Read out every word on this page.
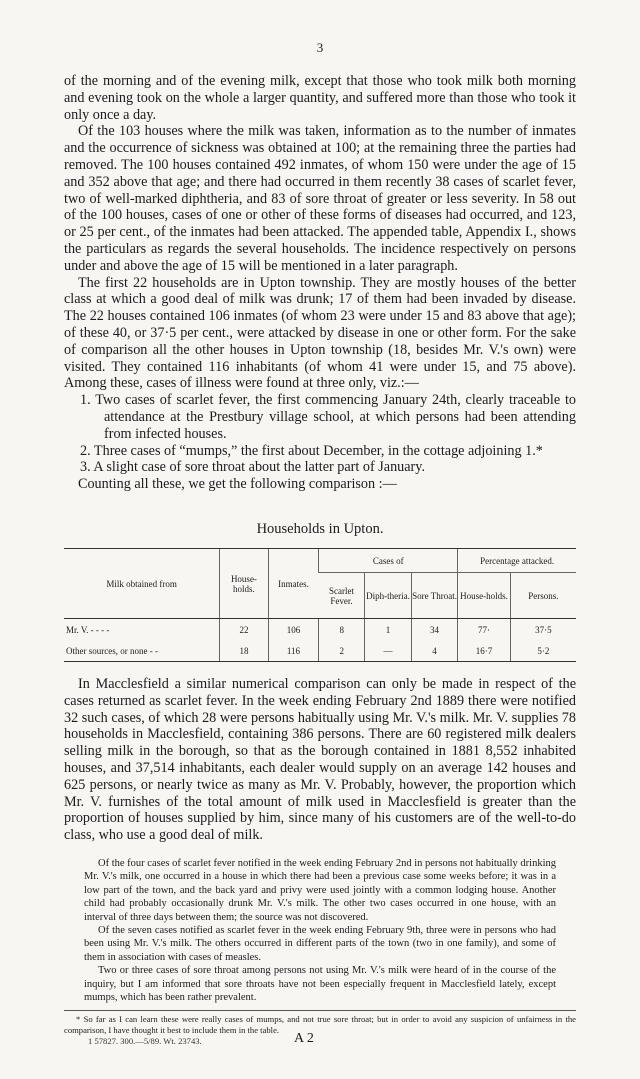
3

of the morning and of the evening milk, except that those who took milk both morning and evening took on the whole a larger quantity, and suffered more than those who took it only once a day.

Of the 103 houses where the milk was taken, information as to the number of inmates and the occurrence of sickness was obtained at 100; at the remaining three the parties had removed. The 100 houses contained 492 inmates, of whom 150 were under the age of 15 and 352 above that age; and there had occurred in them recently 38 cases of scarlet fever, two of well-marked diphtheria, and 83 of sore throat of greater or less severity. In 58 out of the 100 houses, cases of one or other of these forms of diseases had occurred, and 123, or 25 per cent., of the inmates had been attacked. The appended table, Appendix I., shows the particulars as regards the several households. The incidence respectively on persons under and above the age of 15 will be mentioned in a later paragraph.

The first 22 households are in Upton township. They are mostly houses of the better class at which a good deal of milk was drunk; 17 of them had been invaded by disease. The 22 houses contained 106 inmates (of whom 23 were under 15 and 83 above that age); of these 40, or 37·5 per cent., were attacked by disease in one or other form. For the sake of comparison all the other houses in Upton township (18, besides Mr. V.'s own) were visited. They contained 116 inhabitants (of whom 41 were under 15, and 75 above). Among these, cases of illness were found at three only, viz.:—

1. Two cases of scarlet fever, the first commencing January 24th, clearly traceable to attendance at the Prestbury village school, at which persons had been attending from infected houses.
2. Three cases of “mumps,” the first about December, in the cottage adjoining 1.*
3. A slight case of sore throat about the latter part of January.

Counting all these, we get the following comparison :—

Households in Upton.
Milk obtained from	House-holds.	Inmates.	Cases of			Percentage attacked.	
			Scarlet Fever.	Diph-theria.	Sore Throat.	House-holds.	Persons.
Mr. V. - - - -	22	106	8	1	34	77·	37·5
Other sources, or none - -	18	116	2	—	4	16·7	5·2

In Macclesfield a similar numerical comparison can only be made in respect of the cases returned as scarlet fever. In the week ending February 2nd 1889 there were notified 32 such cases, of which 28 were persons habitually using Mr. V.'s milk. Mr. V. supplies 78 households in Macclesfield, containing 386 persons. There are 60 registered milk dealers selling milk in the borough, so that as the borough contained in 1881 8,552 inhabited houses, and 37,514 inhabitants, each dealer would supply on an average 142 houses and 625 persons, or nearly twice as many as Mr. V. Probably, however, the proportion which Mr. V. furnishes of the total amount of milk used in Macclesfield is greater than the proportion of houses supplied by him, since many of his customers are of the well-to-do class, who use a good deal of milk.

Of the four cases of scarlet fever notified in the week ending February 2nd in persons not habitually drinking Mr. V.'s milk, one occurred in a house in which there had been a previous case some weeks before; it was in a low part of the town, and the back yard and privy were used jointly with a common lodging house. Another child had probably occasionally drunk Mr. V.'s milk. The other two cases occurred in one house, with an interval of three days between them; the source was not discovered.

Of the seven cases notified as scarlet fever in the week ending February 9th, three were in persons who had been using Mr. V.'s milk. The others occurred in different parts of the town (two in one family), and some of them in association with cases of measles.

Two or three cases of sore throat among persons not using Mr. V.'s milk were heard of in the course of the inquiry, but I am informed that sore throats have not been especially frequent in Macclesfield lately, except mumps, which has been rather prevalent.

* So far as I can learn these were really cases of mumps, and not true sore throat; but in order to avoid any suspicion of unfairness in the comparison, I have thought it best to include them in the table.
1 57827. 300.—5/89. Wt. 23743.	A 2
